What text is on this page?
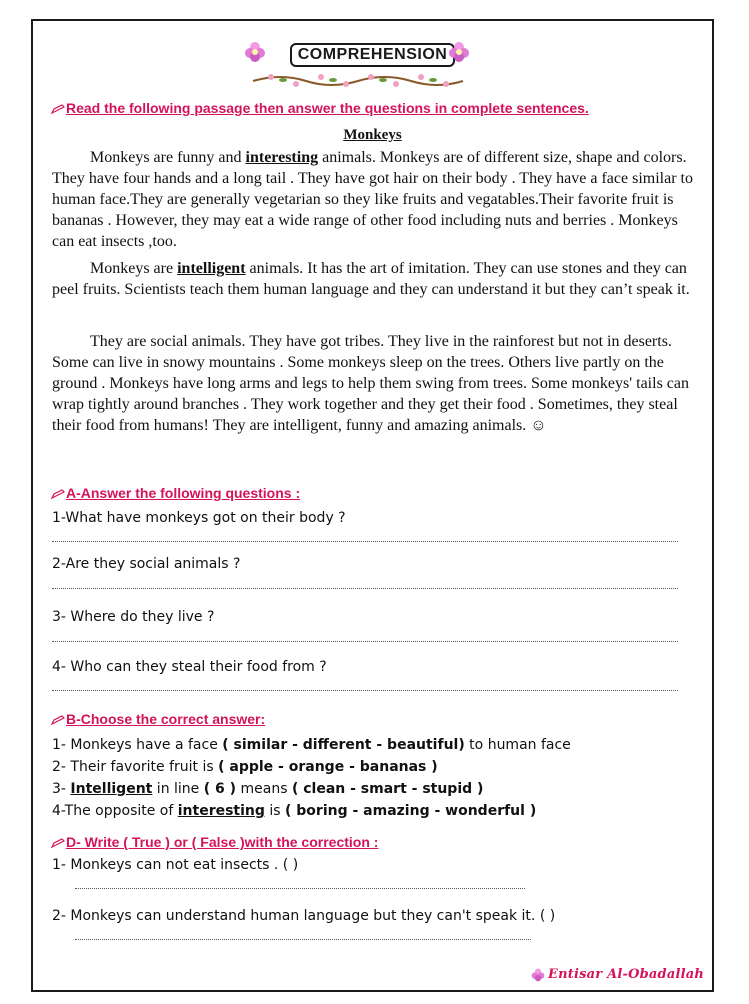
COMPREHENSION
Read the following passage then answer the questions in complete sentences.
Monkeys
Monkeys are funny and interesting animals. Monkeys are of different size, shape and colors. They have four hands and a long tail . They have got hair on their body . They have a face similar to human face.They are generally vegetarian so they like fruits and vegatables.Their favorite fruit is bananas . However, they may eat a wide range of other food including nuts and berries . Monkeys can eat insects ,too.
Monkeys are intelligent animals. It has the art of imitation. They can use stones and they can peel fruits. Scientists teach them human language and they can understand it but they can’t speak it.
They are social animals. They have got tribes. They live in the rainforest but not in deserts. Some can live in snowy mountains . Some monkeys sleep on the trees. Others live partly on the ground . Monkeys have long arms and legs to help them swing from trees. Some monkeys' tails can wrap tightly around branches . They work together and they get their food . Sometimes, they steal their food from humans! They are intelligent, funny and amazing animals. ☺
A-Answer the following questions :
1-What have monkeys got on their body ?
2-Are they social animals ?
3- Where do they live ?
4- Who can they steal their food from ?
B-Choose the correct answer:
1- Monkeys have a face ( similar - different - beautiful) to human face
2- Their favorite fruit is ( apple - orange - bananas )
3- Intelligent in line ( 6 ) means ( clean - smart - stupid )
4-The opposite of interesting is ( boring - amazing - wonderful )
D- Write ( True ) or ( False )with the correction :
1- Monkeys can not eat insects . ( )
2- Monkeys can understand human language but they can't speak it. ( )
Entisar Al-Obadallah
